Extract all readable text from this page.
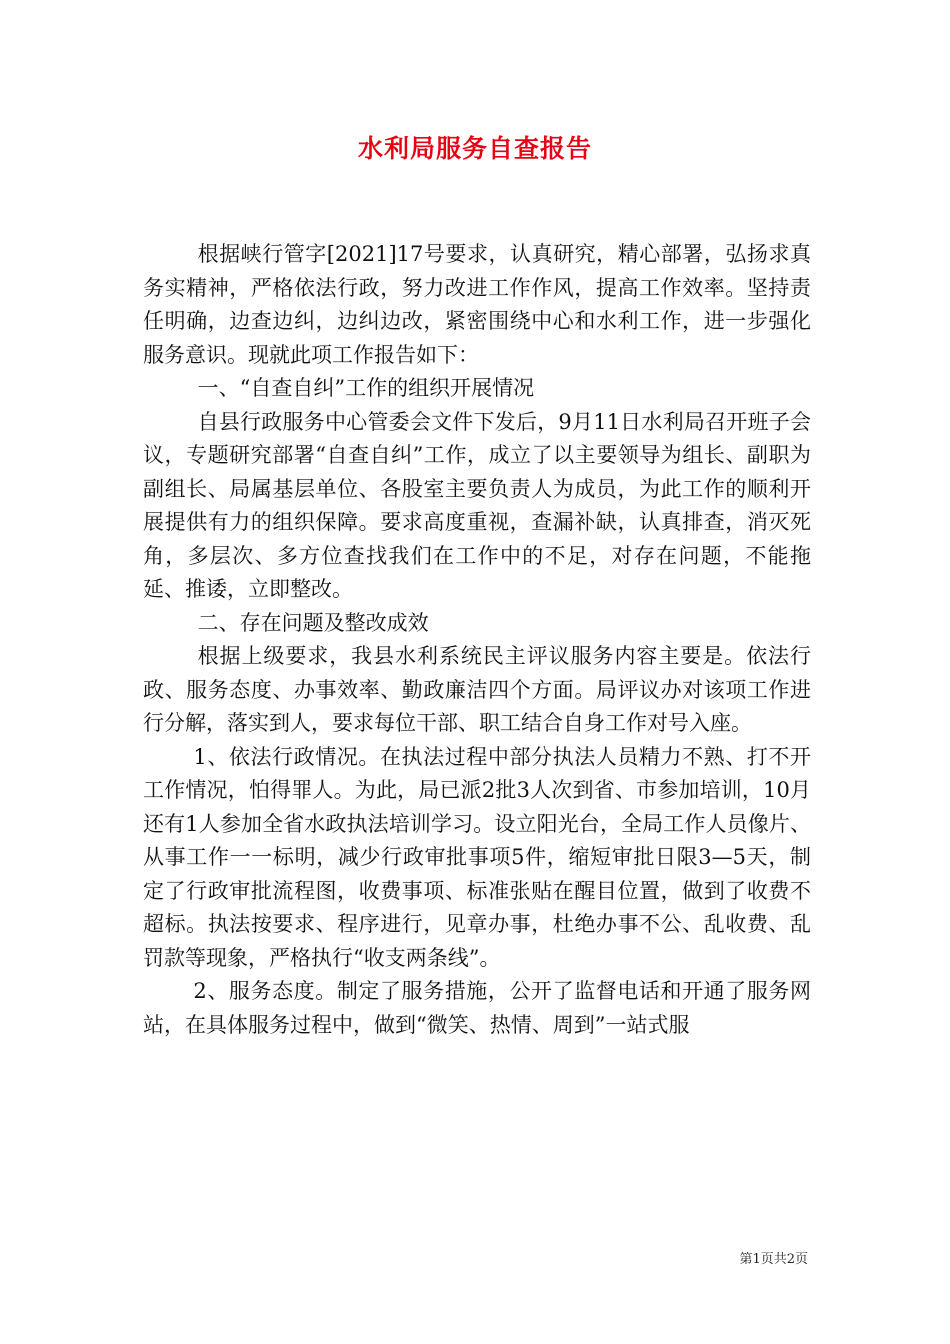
水利局服务自查报告

根据峡行管字[2021]17号要求，认真研究，精心部署，弘扬求真务实精神，严格依法行政，努力改进工作作风，提高工作效率。坚持责任明确，边查边纠，边纠边改，紧密围绕中心和水利工作，进一步强化服务意识。现就此项工作报告如下：

一、“自查自纠”工作的组织开展情况

自县行政服务中心管委会文件下发后，9月11日水利局召开班子会议，专题研究部署“自查自纠”工作，成立了以主要领导为组长、副职为副组长、局属基层单位、各股室主要负责人为成员，为此工作的顺利开展提供有力的组织保障。要求高度重视，查漏补缺，认真排查，消灭死角，多层次、多方位查找我们在工作中的不足，对存在问题，不能拖延、推诿，立即整改。

二、存在问题及整改成效

根据上级要求，我县水利系统民主评议服务内容主要是。依法行政、服务态度、办事效率、勤政廉洁四个方面。局评议办对该项工作进行分解，落实到人，要求每位干部、职工结合自身工作对号入座。

1、依法行政情况。在执法过程中部分执法人员精力不熟、打不开工作情况，怕得罪人。为此，局已派2批3人次到省、市参加培训，10月还有1人参加全省水政执法培训学习。设立阳光台，全局工作人员像片、从事工作一一标明，减少行政审批事项5件，缩短审批日限3—5天，制定了行政审批流程图，收费事项、标准张贴在醒目位置，做到了收费不超标。执法按要求、程序进行，见章办事，杜绝办事不公、乱收费、乱罚款等现象，严格执行“收支两条线”。

2、服务态度。制定了服务措施，公开了监督电话和开通了服务网站，在具体服务过程中，做到“微笑、热情、周到”一站式服

第1页共2页
